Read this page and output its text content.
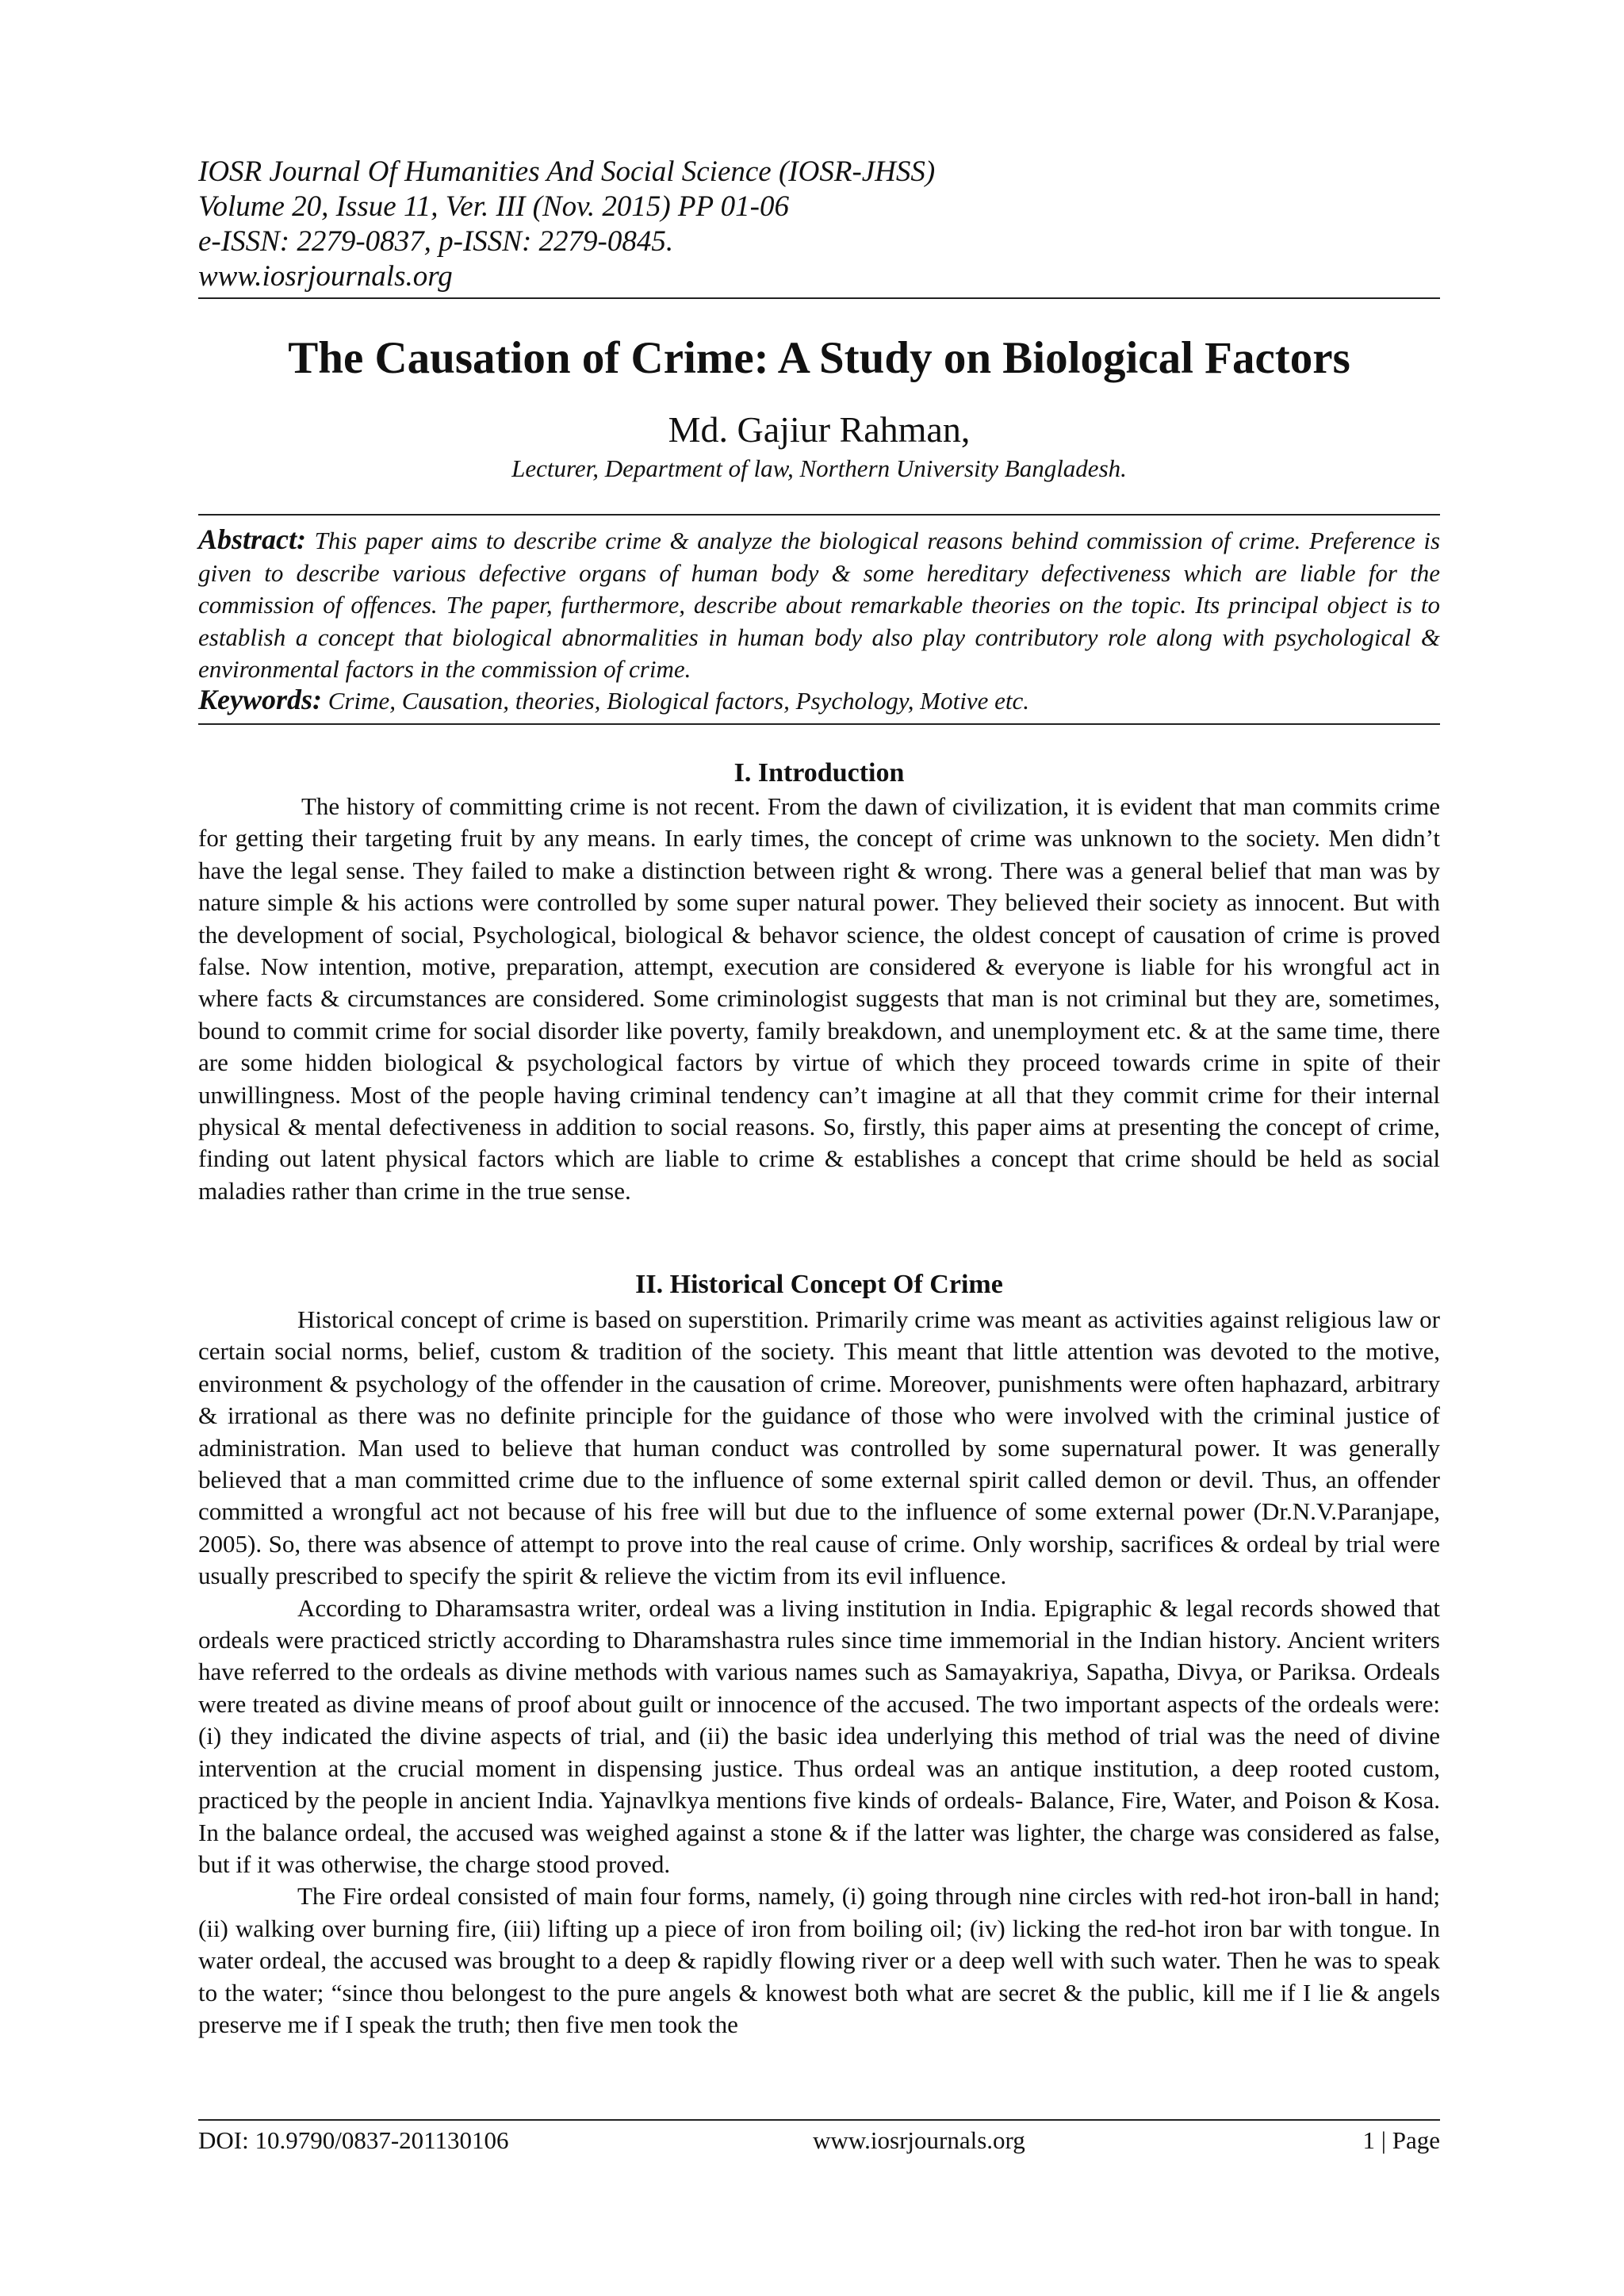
IOSR Journal Of Humanities And Social Science (IOSR-JHSS)
Volume 20, Issue 11, Ver. III (Nov. 2015) PP 01-06
e-ISSN: 2279-0837, p-ISSN: 2279-0845.
www.iosrjournals.org
The Causation of Crime: A Study on Biological Factors
Md. Gajiur Rahman,
Lecturer, Department of law, Northern University Bangladesh.
Abstract: This paper aims to describe crime & analyze the biological reasons behind commission of crime. Preference is given to describe various defective organs of human body & some hereditary defectiveness which are liable for the commission of offences. The paper, furthermore, describe about remarkable theories on the topic. Its principal object is to establish a concept that biological abnormalities in human body also play contributory role along with psychological & environmental factors in the commission of crime.
Keywords: Crime, Causation, theories, Biological factors, Psychology, Motive etc.
I. Introduction

The history of committing crime is not recent. From the dawn of civilization, it is evident that man commits crime for getting their targeting fruit by any means. In early times, the concept of crime was unknown to the society. Men didn’t have the legal sense. They failed to make a distinction between right & wrong. There was a general belief that man was by nature simple & his actions were controlled by some super natural power. They believed their society as innocent. But with the development of social, Psychological, biological & behavor science, the oldest concept of causation of crime is proved false. Now intention, motive, preparation, attempt, execution are considered & everyone is liable for his wrongful act in where facts & circumstances are considered. Some criminologist suggests that man is not criminal but they are, sometimes, bound to commit crime for social disorder like poverty, family breakdown, and unemployment etc. & at the same time, there are some hidden biological & psychological factors by virtue of which they proceed towards crime in spite of their unwillingness. Most of the people having criminal tendency can’t imagine at all that they commit crime for their internal physical & mental defectiveness in addition to social reasons. So, firstly, this paper aims at presenting the concept of crime, finding out latent physical factors which are liable to crime & establishes a concept that crime should be held as social maladies rather than crime in the true sense.

II. Historical Concept Of Crime

Historical concept of crime is based on superstition. Primarily crime was meant as activities against religious law or certain social norms, belief, custom & tradition of the society. This meant that little attention was devoted to the motive, environment & psychology of the offender in the causation of crime. Moreover, punishments were often haphazard, arbitrary & irrational as there was no definite principle for the guidance of those who were involved with the criminal justice of administration. Man used to believe that human conduct was controlled by some supernatural power. It was generally believed that a man committed crime due to the influence of some external spirit called demon or devil. Thus, an offender committed a wrongful act not because of his free will but due to the influence of some external power (Dr.N.V.Paranjape, 2005). So, there was absence of attempt to prove into the real cause of crime. Only worship, sacrifices & ordeal by trial were usually prescribed to specify the spirit & relieve the victim from its evil influence.

According to Dharamsastra writer, ordeal was a living institution in India. Epigraphic & legal records showed that ordeals were practiced strictly according to Dharamshastra rules since time immemorial in the Indian history. Ancient writers have referred to the ordeals as divine methods with various names such as Samayakriya, Sapatha, Divya, or Pariksa. Ordeals were treated as divine means of proof about guilt or innocence of the accused. The two important aspects of the ordeals were: (i) they indicated the divine aspects of trial, and (ii) the basic idea underlying this method of trial was the need of divine intervention at the crucial moment in dispensing justice. Thus ordeal was an antique institution, a deep rooted custom, practiced by the people in ancient India. Yajnavlkya mentions five kinds of ordeals- Balance, Fire, Water, and Poison & Kosa. In the balance ordeal, the accused was weighed against a stone & if the latter was lighter, the charge was considered as false, but if it was otherwise, the charge stood proved.

The Fire ordeal consisted of main four forms, namely, (i) going through nine circles with red-hot iron-ball in hand; (ii) walking over burning fire, (iii) lifting up a piece of iron from boiling oil; (iv) licking the red-hot iron bar with tongue. In water ordeal, the accused was brought to a deep & rapidly flowing river or a deep well with such water. Then he was to speak to the water; “since thou belongest to the pure angels & knowest both what are secret & the public, kill me if I lie & angels preserve me if I speak the truth; then five men took the

DOI: 10.9790/0837-201130106	www.iosrjournals.org	1 | Page
